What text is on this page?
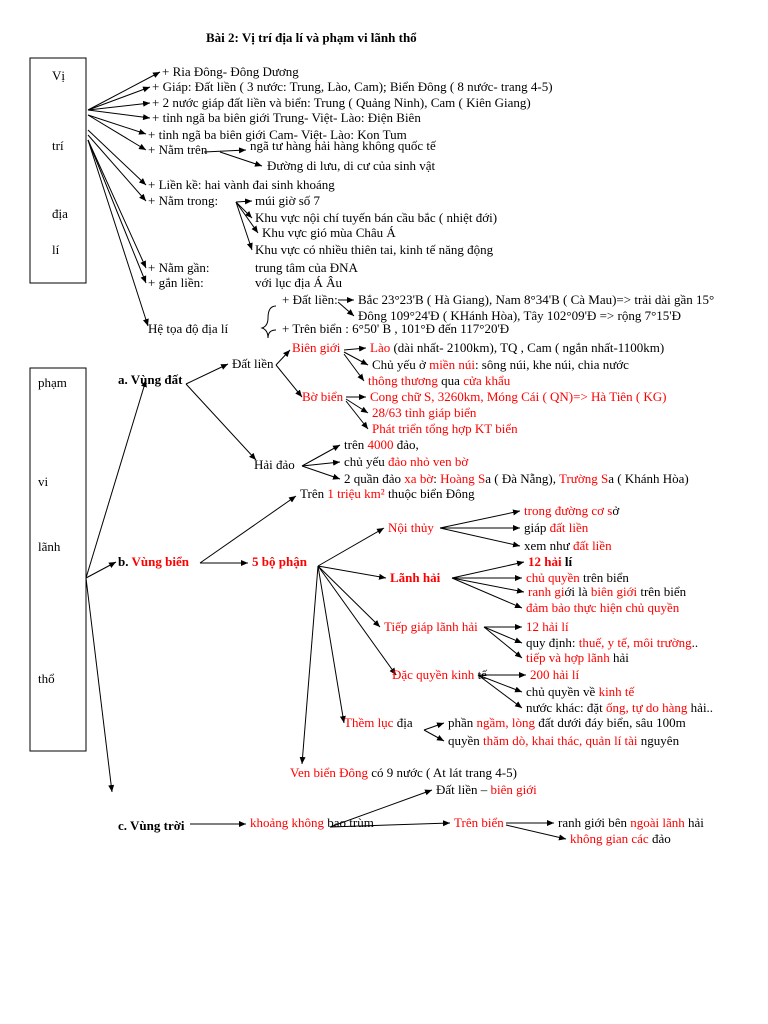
Bài 2: Vị trí địa lí và phạm vi lãnh thổ
Vị
trí
địa
lí
phạm
vi
lãnh
thổ
+ Ria Đông- Đông Dương
+ Giáp: Đất liền ( 3 nước: Trung, Lào, Cam); Biển Đông ( 8 nước- trang 4-5)
+ 2 nước giáp đất liền và biển: Trung ( Quảng Ninh), Cam ( Kiên Giang)
+ tỉnh ngã ba biên giới Trung- Việt- Lào: Điện Biên
+ tỉnh ngã ba biên giới Cam- Việt- Lào: Kon Tum
+ Nằm trên	ngã tư hàng hải hàng không quốc tế
Đường di lưu, di cư của sinh vật
+ Liền kề: hai vành đai sinh khoáng
+ Nằm trong:	múi giờ số 7
Khu vực nội chí tuyến bán cầu bắc ( nhiệt đới)
Khu vực gió mùa Châu Á
Khu vực có nhiều thiên tai, kinh tế năng động
+ Nằm gần:	trung tâm của ĐNA
+ gắn liền:	với lục địa Á Âu
+ Đất liền: Bắc 23°23'B ( Hà Giang), Nam 8°34'B ( Cà Mau)=> trải dài gần 15°
Đông 109°24'Đ ( KHánh Hòa), Tây 102°09'Đ => rộng 7°15'Đ
Hệ tọa độ địa lí	+ Trên biển : 6°50' B , 101°Đ đến 117°20'Đ
a. Vùng đất
Đất liền
Biên giới Lào (dài nhất- 2100km), TQ , Cam ( ngắn nhất-1100km)
Chủ yếu ở miền núi: sông núi, khe núi, chia nước
thông thương qua cửa khẩu
Bờ biển Cong chữ S, 3260km, Móng Cái ( QN)=> Hà Tiên ( KG)
28/63 tỉnh giáp biển
Phát triển tổng hợp KT biển
Hải đảo
trên 4000 đảo,
chủ yếu đảo nhỏ ven bờ
2 quần đảo xa bờ: Hoàng Sa ( Đà Nẵng), Trường Sa ( Khánh Hòa)
Trên 1 triệu km² thuộc biển Đông
b. Vùng biển	5 bộ phận
Nội thủy
trong đường cơ sở
giáp đất liền
xem như đất liền
Lãnh hải
12 hải lí
chủ quyền trên biển
ranh giới là biên giới trên biển
đảm bảo thực hiện chủ quyền
Tiếp giáp lãnh hải	12 hải lí
quy định: thuế, y tế, môi trường..
tiếp và hợp lãnh hải
Đặc quyền kinh tế	200 hải lí
chủ quyền về kinh tế
nước khác: đặt ống, tự do hàng hải..
Thềm lục địa	phần ngầm, lòng đất dưới đáy biển, sâu 100m
quyền thăm dò, khai thác, quản lí tài nguyên
Ven biển Đông có 9 nước ( At lát trang 4-5)
c. Vùng trời	khoảng không bao trùm
Đất liền – biên giới
Trên biển	ranh giới bên ngoài lãnh hải
không gian các đảo
